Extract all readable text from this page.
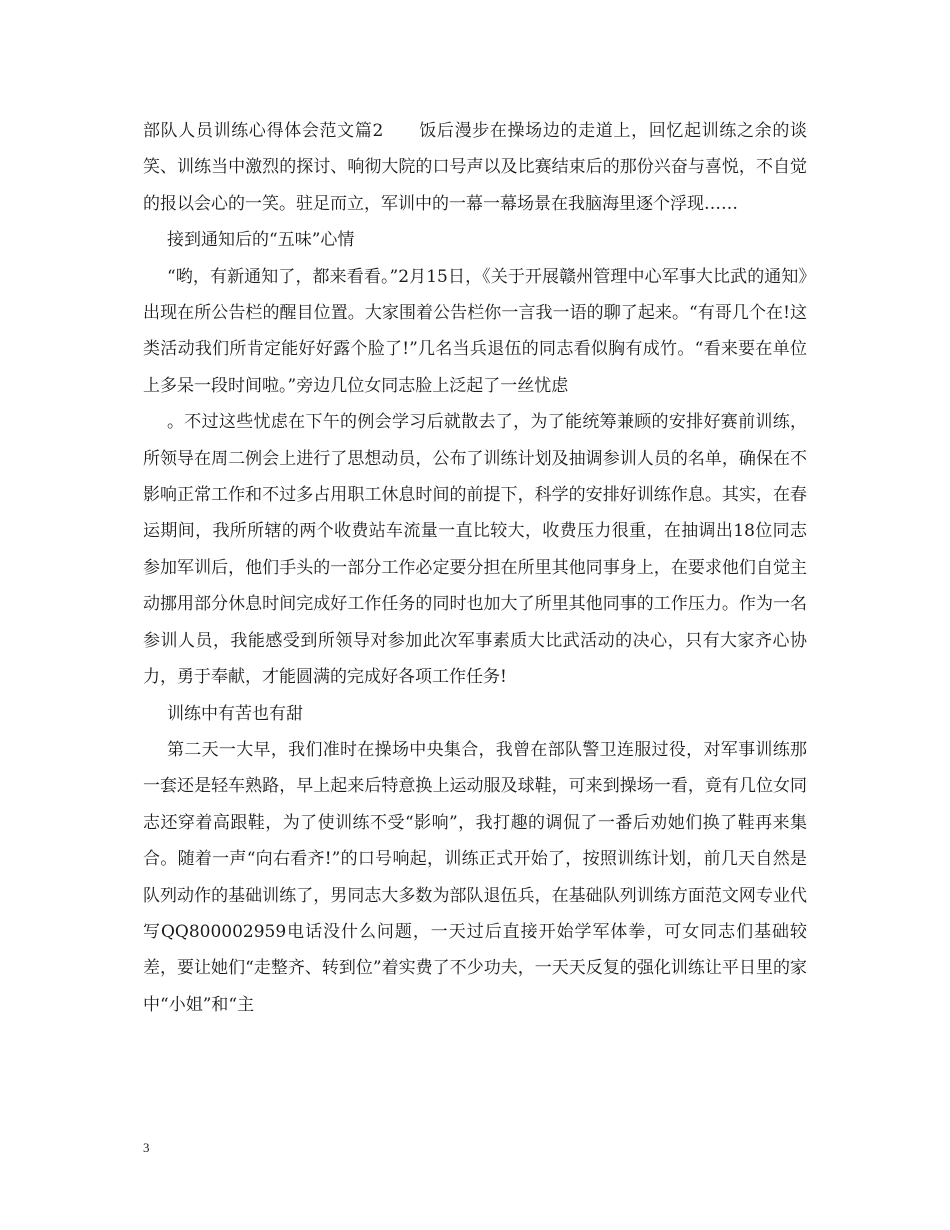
部队人员训练心得体会范文篇2　　饭后漫步在操场边的走道上，回忆起训练之余的谈笑、训练当中激烈的探讨、响彻大院的口号声以及比赛结束后的那份兴奋与喜悦，不自觉的报以会心的一笑。驻足而立，军训中的一幕一幕场景在我脑海里逐个浮现……

接到通知后的“五味”心情

“哟，有新通知了，都来看看。”2月15日，《关于开展赣州管理中心军事大比武的通知》出现在所公告栏的醒目位置。大家围着公告栏你一言我一语的聊了起来。“有哥几个在!这类活动我们所肯定能好好露个脸了!”几名当兵退伍的同志看似胸有成竹。“看来要在单位上多呆一段时间啦。”旁边几位女同志脸上泛起了一丝忧虑

。不过这些忧虑在下午的例会学习后就散去了，为了能统筹兼顾的安排好赛前训练，所领导在周二例会上进行了思想动员，公布了训练计划及抽调参训人员的名单，确保在不影响正常工作和不过多占用职工休息时间的前提下，科学的安排好训练作息。其实，在春运期间，我所所辖的两个收费站车流量一直比较大，收费压力很重，在抽调出18位同志参加军训后，他们手头的一部分工作必定要分担在所里其他同事身上，在要求他们自觉主动挪用部分休息时间完成好工作任务的同时也加大了所里其他同事的工作压力。作为一名参训人员，我能感受到所领导对参加此次军事素质大比武活动的决心，只有大家齐心协力，勇于奉献，才能圆满的完成好各项工作任务!

训练中有苦也有甜

第二天一大早，我们准时在操场中央集合，我曾在部队警卫连服过役，对军事训练那一套还是轻车熟路，早上起来后特意换上运动服及球鞋，可来到操场一看，竟有几位女同志还穿着高跟鞋，为了使训练不受“影响”，我打趣的调侃了一番后劝她们换了鞋再来集合。随着一声“向右看齐!”的口号响起，训练正式开始了，按照训练计划，前几天自然是队列动作的基础训练了，男同志大多数为部队退伍兵，在基础队列训练方面范文网专业代写QQ800002959电话没什么问题，一天过后直接开始学军体拳，可女同志们基础较差，要让她们“走整齐、转到位”着实费了不少功夫，一天天反复的强化训练让平日里的家中“小姐”和“主

3
